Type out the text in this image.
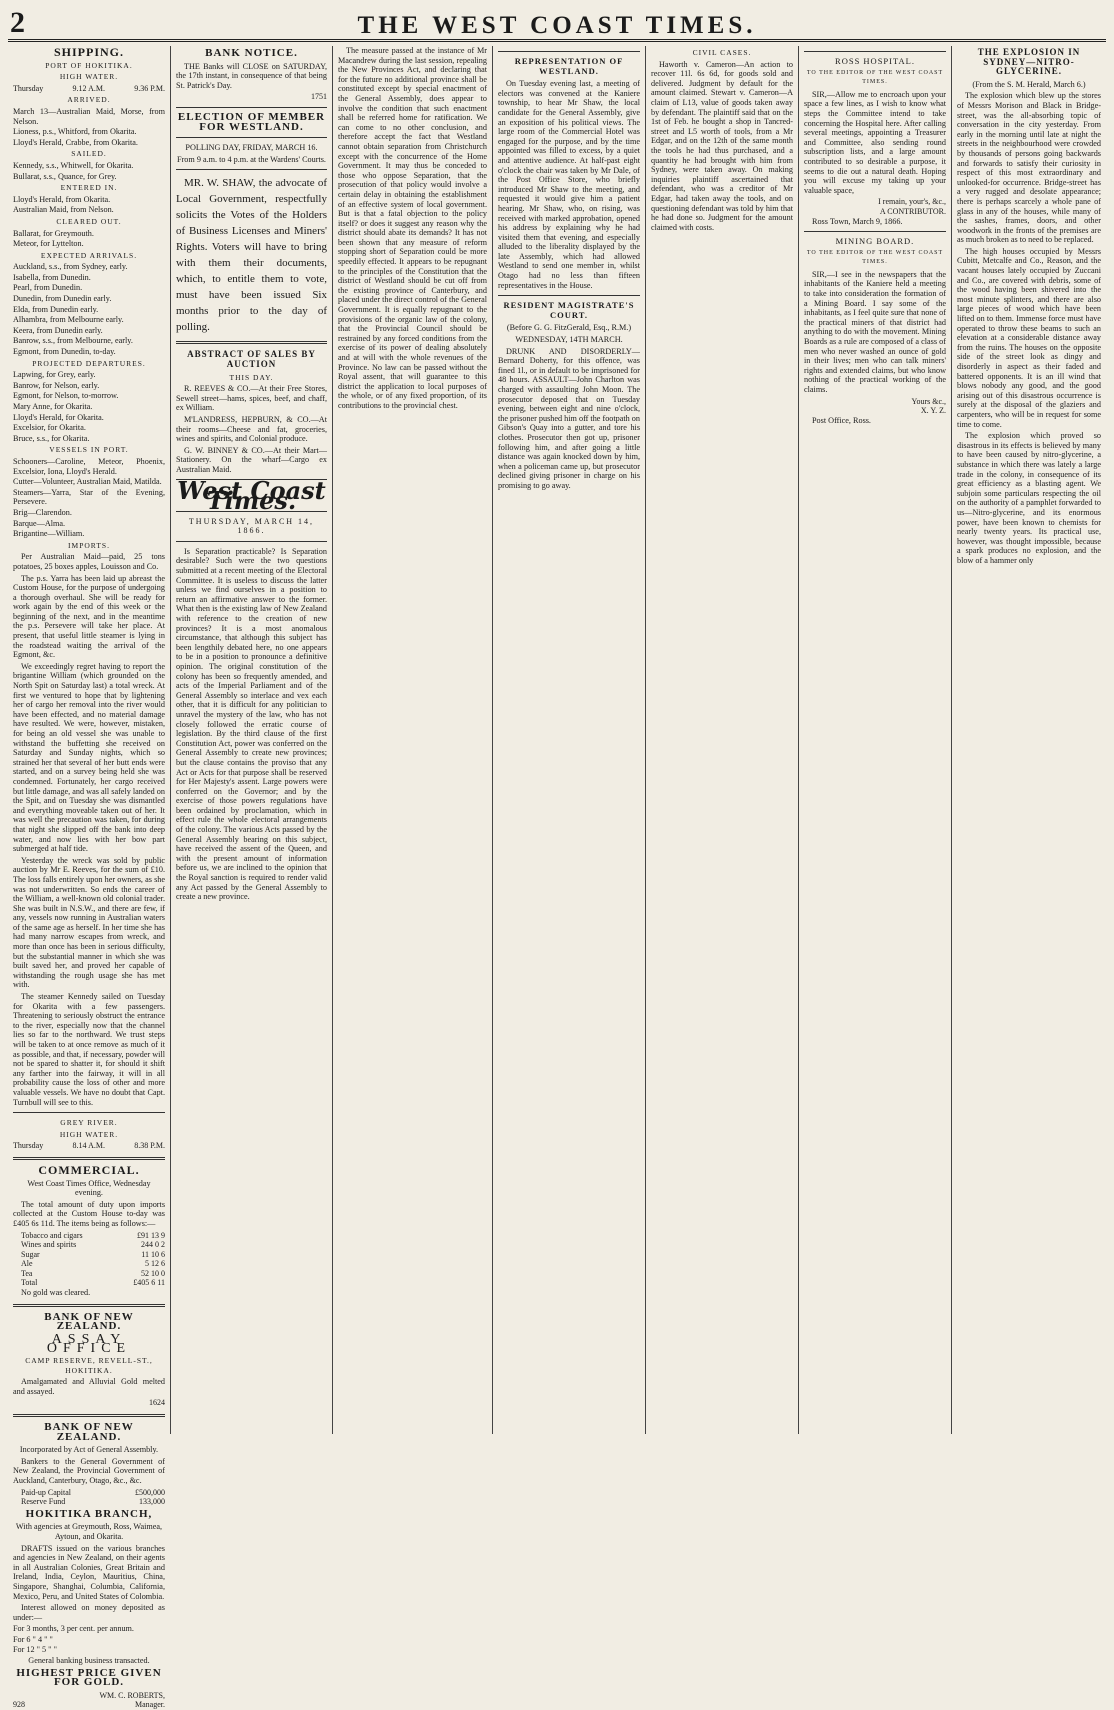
2	THE WEST COAST TIMES.
SHIPPING.
PORT OF HOKITIKA.
HIGH WATER.
Thursday	9.12 A.M.	9.36 P.M.
ARRIVED.

March 13—Australian Maid, Morse, from Nelson.

Lioness, p.s., Whitford, from Okarita.

Lloyd's Herald, Crabbe, from Okarita.

SAILED.

Kennedy, s.s., Whitwell, for Okarita.

Bullarat, s.s., Quance, for Grey.

ENTERED IN.

Lloyd's Herald, from Okarita.

Australian Maid, from Nelson.

CLEARED OUT.

Ballarat, for Greymouth.

Meteor, for Lyttelton.

EXPECTED ARRIVALS.

Auckland, s.s., from Sydney, early.

Isabella, from Dunedin.

Pearl, from Dunedin.

Dunedin, from Dunedin early.

Elda, from Dunedin early.

Alhambra, from Melbourne early.

Keera, from Dunedin early.

Banrow, s.s., from Melbourne, early.

Egmont, from Dunedin, to-day.

PROJECTED DEPARTURES.

Lapwing, for Grey, early.

Banrow, for Nelson, early.

Egmont, for Nelson, to-morrow.

Mary Anne, for Okarita.

Lloyd's Herald, for Okarita.

Excelsior, for Okarita.

Bruce, s.s., for Okarita.

VESSELS IN PORT.

Schooners—Caroline, Meteor, Phoenix, Excelsior, Iona, Lloyd's Herald.

Cutter—Volunteer, Australian Maid, Matilda.

Steamers—Yarra, Star of the Evening, Persevere.

Brig—Clarendon.

Barque—Alma.

Brigantine—William.

IMPORTS.

Per Australian Maid—paid, 25 tons potatoes, 25 boxes apples, Louisson and Co.

The p.s. Yarra has been laid up abreast the Custom House, for the purpose of undergoing a thorough overhaul. She will be ready for work again by the end of this week or the beginning of the next, and in the meantime the p.s. Persevere will take her place. At present, that useful little steamer is lying in the roadstead waiting the arrival of the Egmont, &c.

We exceedingly regret having to report the brigantine William (which grounded on the North Spit on Saturday last) a total wreck. At first we ventured to hope that by lightening her of cargo her removal into the river would have been effected, and no material damage have resulted. We were, however, mistaken, for being an old vessel she was unable to withstand the buffetting she received on Saturday and Sunday nights, which so strained her that several of her butt ends were started, and on a survey being held she was condemned. Fortunately, her cargo received but little damage, and was all safely landed on the Spit, and on Tuesday she was dismantled and everything moveable taken out of her. It was well the precaution was taken, for during that night she slipped off the bank into deep water, and now lies with her bow part submerged at half tide.

Yesterday the wreck was sold by public auction by Mr E. Reeves, for the sum of £10. The loss falls entirely upon her owners, as she was not underwritten. So ends the career of the William, a well-known old colonial trader. She was built in N.S.W., and there are few, if any, vessels now running in Australian waters of the same age as herself. In her time she has had many narrow escapes from wreck, and more than once has been in serious difficulty, but the substantial manner in which she was built saved her, and proved her capable of withstanding the rough usage she has met with.

The steamer Kennedy sailed on Tuesday for Okarita with a few passengers. Threatening to seriously obstruct the entrance to the river, especially now that the channel lies so far to the northward. We trust steps will be taken to at once remove as much of it as possible, and that, if necessary, powder will not be spared to shatter it, for should it shift any farther into the fairway, it will in all probability cause the loss of other and more valuable vessels. We have no doubt that Capt. Turnbull will see to this.

GREY RIVER.
HIGH WATER.
Thursday	8.14 A.M.	8.38 P.M.
COMMERCIAL.

West Coast Times Office, Wednesday evening.

The total amount of duty upon imports collected at the Custom House to-day was £405 6s 11d. The items being as follows:—

Tobacco and cigars	£91 13 9
Wines and spirits	244 0 2
Sugar	11 10 6
Ale	5 12 6
Tea	52 10 0
Total	£405 6 11

No gold was cleared.

BANK OF NEW ZEALAND.
ASSAY OFFICE
CAMP RESERVE, REVELL-ST., HOKITIKA.

Amalgamated and Alluvial Gold melted and assayed.

1624
BANK OF NEW ZEALAND.

Incorporated by Act of General Assembly.

Bankers to the General Government of New Zealand, the Provincial Government of Auckland, Canterbury, Otago, &c., &c.

Paid-up Capital	£500,000
Reserve Fund	133,000
HOKITIKA BRANCH,

With agencies at Greymouth, Ross, Waimea, Aytoun, and Okarita.

DRAFTS issued on the various branches and agencies in New Zealand, on their agents in all Australian Colonies, Great Britain and Ireland, India, Ceylon, Mauritius, China, Singapore, Shanghai, Columbia, California, Mexico, Peru, and United States of Colombia.

Interest allowed on money deposited as under:—

For 3 months, 3 per cent. per annum.

For 6 " 4 " "

For 12 " 5 " "

General banking business transacted.

HIGHEST PRICE GIVEN FOR GOLD.
WM. C. ROBERTS,
928	Manager.
BANK NOTICE.

THE Banks will CLOSE on SATURDAY, the 17th instant, in consequence of that being St. Patrick's Day.

1751
ELECTION OF MEMBER FOR WESTLAND.

POLLING DAY, FRIDAY, MARCH 16.

From 9 a.m. to 4 p.m. at the Wardens' Courts.

MR. W. SHAW, the advocate of Local Government, respectfully solicits the Votes of the Holders of Business Licenses and Miners' Rights. Voters will have to bring with them their documents, which, to entitle them to vote, must have been issued Six months prior to the day of polling.

ABSTRACT OF SALES BY AUCTION
THIS DAY.

R. REEVES & CO.—At their Free Stores, Sewell street—hams, spices, beef, and chaff, ex William.

M'LANDRESS, HEPBURN, & CO.—At their rooms—Cheese and fat, groceries, wines and spirits, and Colonial produce.

G. W. BINNEY & CO.—At their Mart—Stationery. On the wharf—Cargo ex Australian Maid.

West Coast Times.
THURSDAY, MARCH 14, 1866.

Is Separation practicable? Is Separation desirable? Such were the two questions submitted at a recent meeting of the Electoral Committee. It is useless to discuss the latter unless we find ourselves in a position to return an affirmative answer to the former. What then is the existing law of New Zealand with reference to the creation of new provinces? It is a most anomalous circumstance, that although this subject has been lengthily debated here, no one appears to be in a position to pronounce a definitive opinion. The original constitution of the colony has been so frequently amended, and acts of the Imperial Parliament and of the General Assembly so interlace and vex each other, that it is difficult for any politician to unravel the mystery of the law, who has not closely followed the erratic course of legislation. By the third clause of the first Constitution Act, power was conferred on the General Assembly to create new provinces; but the clause contains the proviso that any Act or Acts for that purpose shall be reserved for Her Majesty's assent. Large powers were conferred on the Governor; and by the exercise of those powers regulations have been ordained by proclamation, which in effect rule the whole electoral arrangements of the colony. The various Acts passed by the General Assembly bearing on this subject, have received the assent of the Queen, and with the present amount of information before us, we are inclined to the opinion that the Royal sanction is required to render valid any Act passed by the General Assembly to create a new province.

The measure passed at the instance of Mr Macandrew during the last session, repealing the New Provinces Act, and declaring that for the future no additional province shall be constituted except by special enactment of the General Assembly, does appear to involve the condition that such enactment shall be referred home for ratification. We can come to no other conclusion, and therefore accept the fact that Westland cannot obtain separation from Christchurch except with the concurrence of the Home Government. It may thus be conceded to those who oppose Separation, that the prosecution of that policy would involve a certain delay in obtaining the establishment of an effective system of local government. But is that a fatal objection to the policy itself? or does it suggest any reason why the district should abate its demands? It has not been shown that any measure of reform stopping short of Separation could be more speedily effected. It appears to be repugnant to the principles of the Constitution that the district of Westland should be cut off from the existing province of Canterbury, and placed under the direct control of the General Government. It is equally repugnant to the provisions of the organic law of the colony, that the Provincial Council should be restrained by any forced conditions from the exercise of its power of dealing absolutely and at will with the whole revenues of the Province. No law can be passed without the Royal assent, that will guarantee to this district the application to local purposes of the whole, or of any fixed proportion, of its contributions to the provincial chest.

REPRESENTATION OF WESTLAND.

On Tuesday evening last, a meeting of electors was convened at the Kaniere township, to hear Mr Shaw, the local candidate for the General Assembly, give an exposition of his political views. The large room of the Commercial Hotel was engaged for the purpose, and by the time appointed was filled to excess, by a quiet and attentive audience. At half-past eight o'clock the chair was taken by Mr Dale, of the Post Office Store, who briefly introduced Mr Shaw to the meeting, and requested it would give him a patient hearing. Mr Shaw, who, on rising, was received with marked approbation, opened his address by explaining why he had visited them that evening, and especially alluded to the liberality displayed by the late Assembly, which had allowed Westland to send one member in, whilst Otago had no less than fifteen representatives in the House.

RESIDENT MAGISTRATE'S COURT.

(Before G. G. FitzGerald, Esq., R.M.)

WEDNESDAY, 14TH MARCH.

DRUNK AND DISORDERLY—Bernard Doherty, for this offence, was fined 1l., or in default to be imprisoned for 48 hours. ASSAULT—John Charlton was charged with assaulting John Moon. The prosecutor deposed that on Tuesday evening, between eight and nine o'clock, the prisoner pushed him off the footpath on Gibson's Quay into a gutter, and tore his clothes. Prosecutor then got up, prisoner following him, and after going a little distance was again knocked down by him, when a policeman came up, but prosecutor declined giving prisoner in charge on his promising to go away.

CIVIL CASES.

Haworth v. Cameron—An action to recover 11l. 6s 6d, for goods sold and delivered. Judgment by default for the amount claimed. Stewart v. Cameron—A claim of L13, value of goods taken away by defendant. The plaintiff said that on the 1st of Feb. he bought a shop in Tancred-street and L5 worth of tools, from a Mr Edgar, and on the 12th of the same month the tools he had thus purchased, and a quantity he had brought with him from Sydney, were taken away. On making inquiries plaintiff ascertained that defendant, who was a creditor of Mr Edgar, had taken away the tools, and on questioning defendant was told by him that he had done so. Judgment for the amount claimed with costs.

ROSS HOSPITAL.
TO THE EDITOR OF THE WEST COAST TIMES.

SIR,—Allow me to encroach upon your space a few lines, as I wish to know what steps the Committee intend to take concerning the Hospital here. After calling several meetings, appointing a Treasurer and Committee, also sending round subscription lists, and a large amount contributed to so desirable a purpose, it seems to die out a natural death. Hoping you will excuse my taking up your valuable space,

I remain, your's, &c.,
A CONTRIBUTOR.

Ross Town, March 9, 1866.

MINING BOARD.
TO THE EDITOR OF THE WEST COAST TIMES.

SIR,—I see in the newspapers that the inhabitants of the Kaniere held a meeting to take into consideration the formation of a Mining Board. I say some of the inhabitants, as I feel quite sure that none of the practical miners of that district had anything to do with the movement. Mining Boards as a rule are composed of a class of men who never washed an ounce of gold in their lives; men who can talk miners' rights and extended claims, but who know nothing of the practical working of the claims.

Yours &c.,
X. Y. Z.

Post Office, Ross.

THE EXPLOSION IN SYDNEY—NITRO-GLYCERINE.

(From the S. M. Herald, March 6.)

The explosion which blew up the stores of Messrs Morison and Black in Bridge-street, was the all-absorbing topic of conversation in the city yesterday. From early in the morning until late at night the streets in the neighbourhood were crowded by thousands of persons going backwards and forwards to satisfy their curiosity in respect of this most extraordinary and unlooked-for occurrence. Bridge-street has a very rugged and desolate appearance; there is perhaps scarcely a whole pane of glass in any of the houses, while many of the sashes, frames, doors, and other woodwork in the fronts of the premises are as much broken as to need to be replaced.

The high houses occupied by Messrs Cubitt, Metcalfe and Co., Reason, and the vacant houses lately occupied by Zuccani and Co., are covered with debris, some of the wood having been shivered into the most minute splinters, and there are also large pieces of wood which have been lifted on to them. Immense force must have operated to throw these beams to such an elevation at a considerable distance away from the ruins. The houses on the opposite side of the street look as dingy and disorderly in aspect as their faded and battered opponents. It is an ill wind that blows nobody any good, and the good arising out of this disastrous occurrence is surely at the disposal of the glaziers and carpenters, who will be in request for some time to come.

The explosion which proved so disastrous in its effects is believed by many to have been caused by nitro-glycerine, a substance in which there was lately a large trade in the colony, in consequence of its great efficiency as a blasting agent. We subjoin some particulars respecting the oil on the authority of a pamphlet forwarded to us—Nitro-glycerine, and its enormous power, have been known to chemists for nearly twenty years. Its practical use, however, was thought impossible, because a spark produces no explosion, and the blow of a hammer only
